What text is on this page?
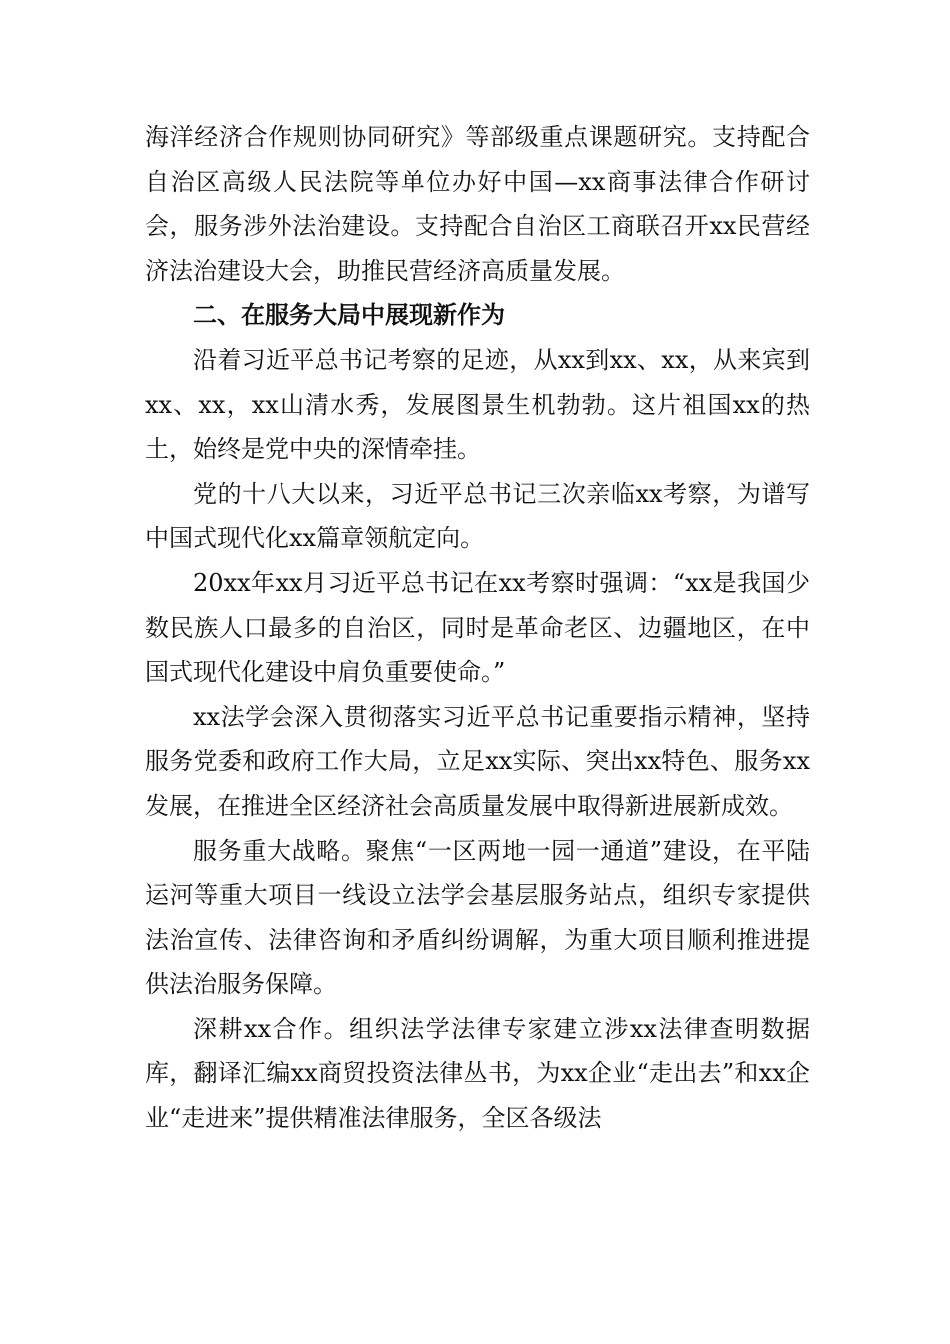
海洋经济合作规则协同研究》等部级重点课题研究。支持配合自治区高级人民法院等单位办好中国—xx商事法律合作研讨会，服务涉外法治建设。支持配合自治区工商联召开xx民营经济法治建设大会，助推民营经济高质量发展。

二、在服务大局中展现新作为

沿着习近平总书记考察的足迹，从xx到xx、xx，从来宾到xx、xx，xx山清水秀，发展图景生机勃勃。这片祖国xx的热土，始终是党中央的深情牵挂。

党的十八大以来，习近平总书记三次亲临xx考察，为谱写中国式现代化xx篇章领航定向。

20xx年xx月习近平总书记在xx考察时强调：“xx是我国少数民族人口最多的自治区，同时是革命老区、边疆地区，在中国式现代化建设中肩负重要使命。”

xx法学会深入贯彻落实习近平总书记重要指示精神，坚持服务党委和政府工作大局，立足xx实际、突出xx特色、服务xx发展，在推进全区经济社会高质量发展中取得新进展新成效。

服务重大战略。聚焦“一区两地一园一通道”建设，在平陆运河等重大项目一线设立法学会基层服务站点，组织专家提供法治宣传、法律咨询和矛盾纠纷调解，为重大项目顺利推进提供法治服务保障。

深耕xx合作。组织法学法律专家建立涉xx法律查明数据库，翻译汇编xx商贸投资法律丛书，为xx企业“走出去”和xx企业“走进来”提供精准法律服务，全区各级法
